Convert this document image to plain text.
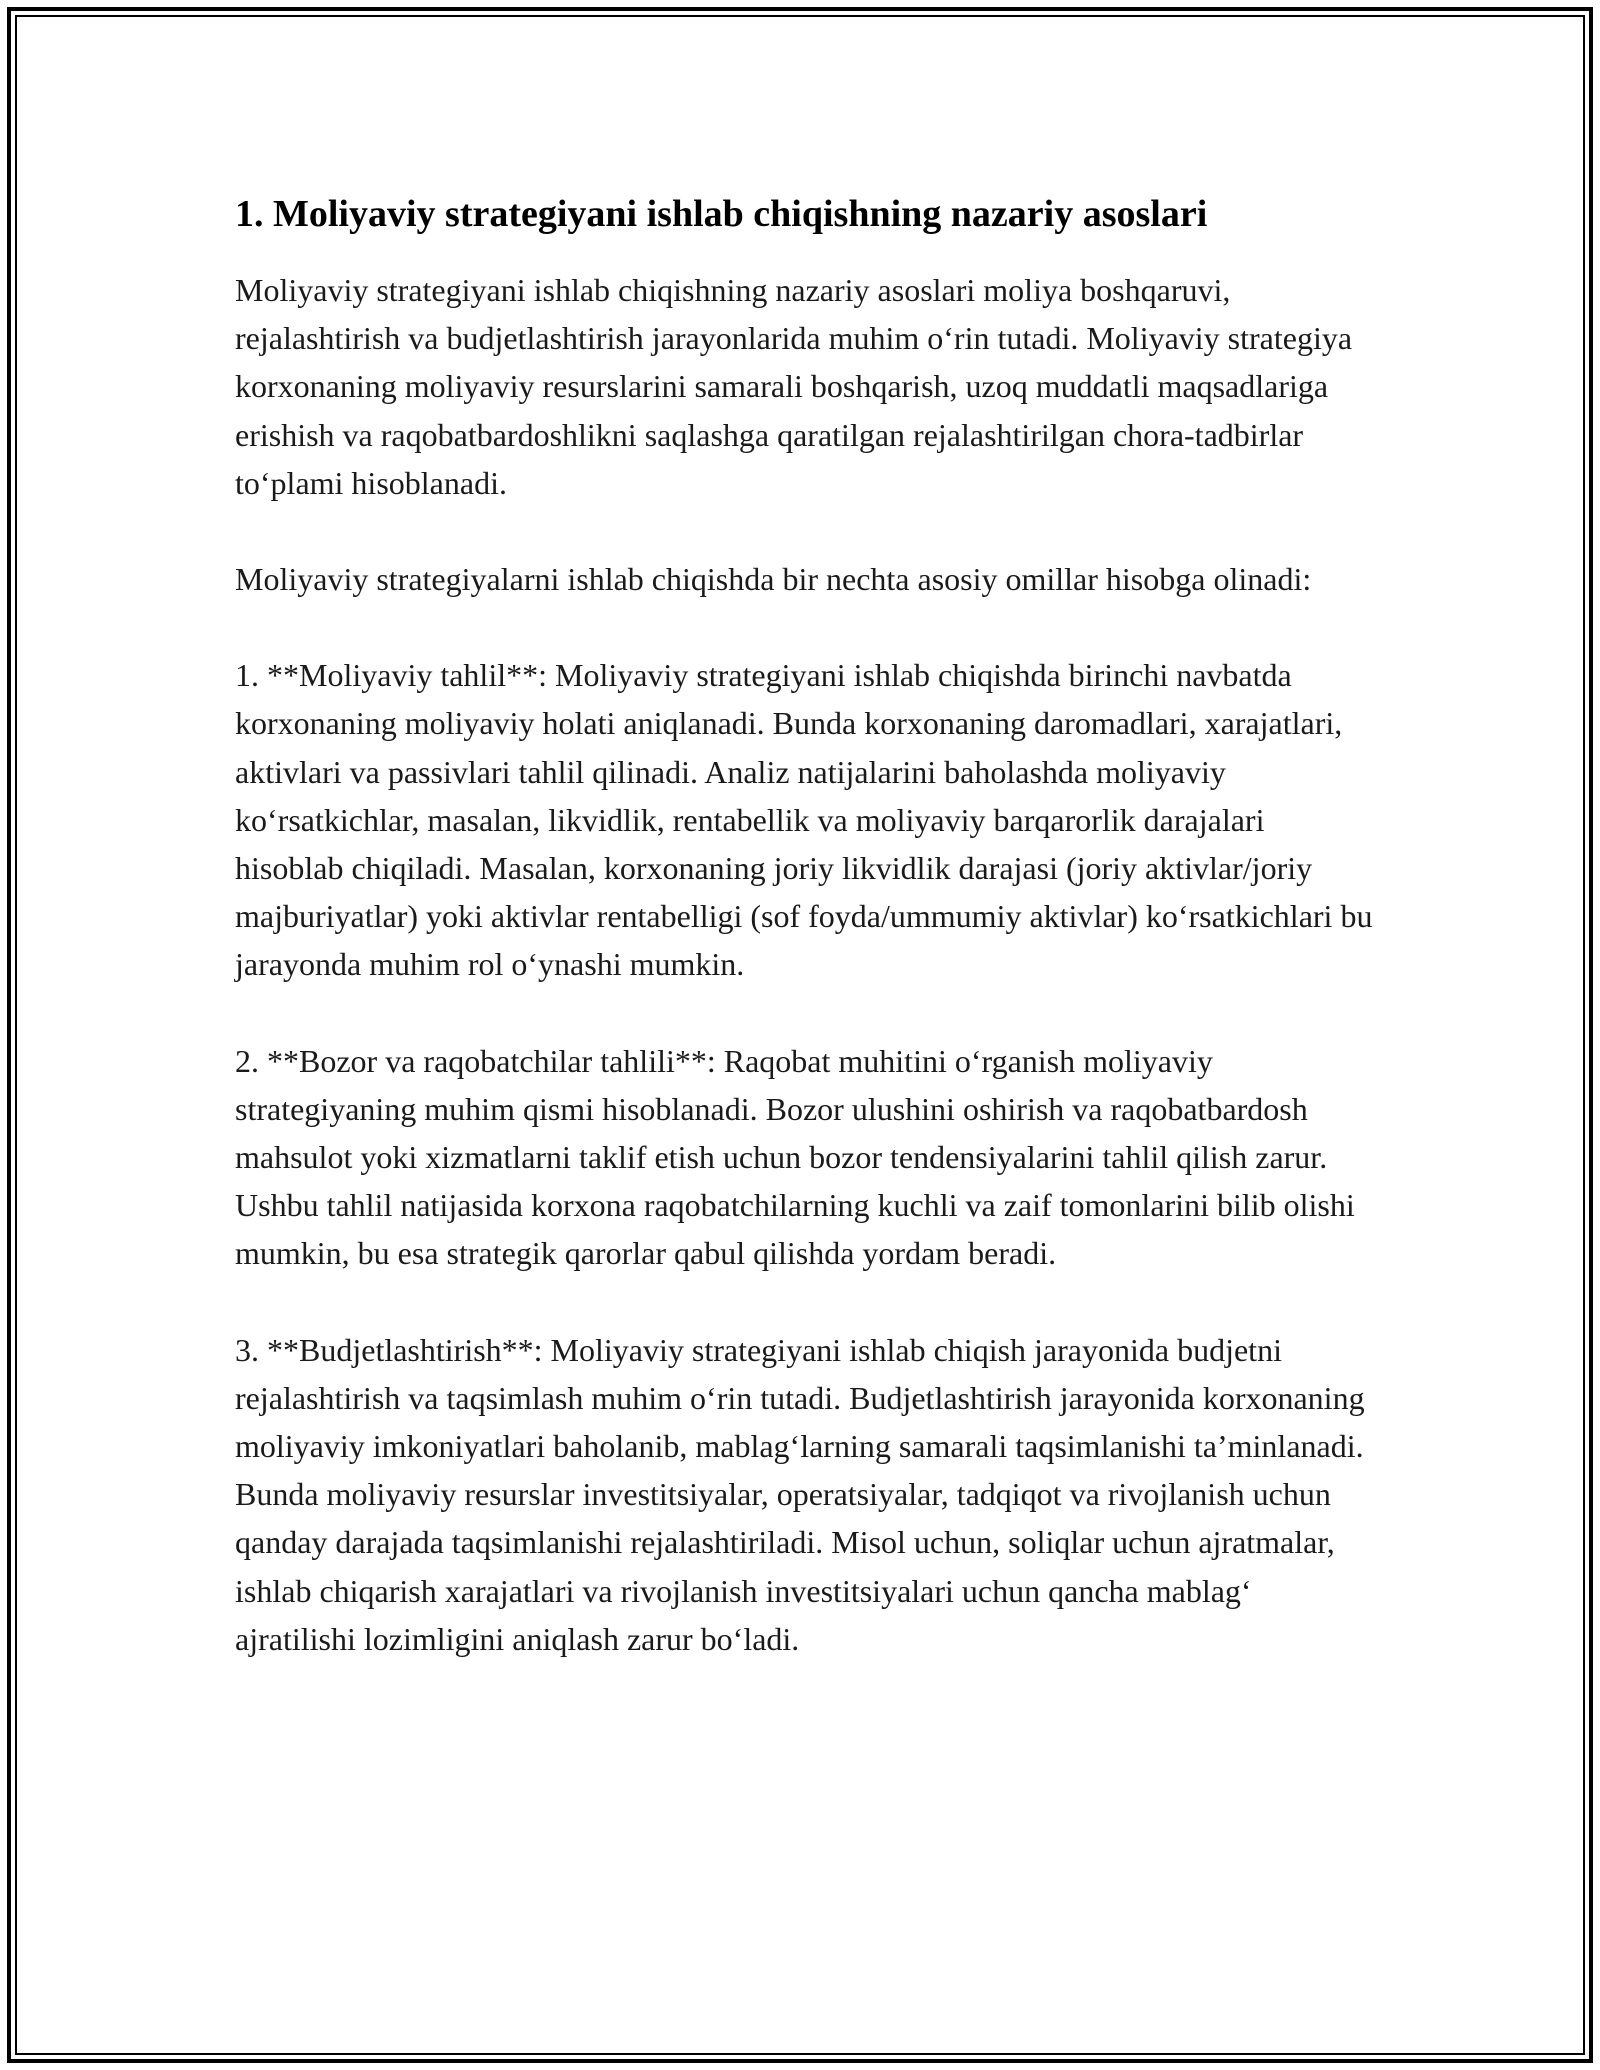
1. Moliyaviy strategiyani ishlab chiqishning nazariy asoslari

Moliyaviy strategiyani ishlab chiqishning nazariy asoslari moliya boshqaruvi, rejalashtirish va budjetlashtirish jarayonlarida muhim o‘rin tutadi. Moliyaviy strategiya korxonaning moliyaviy resurslarini samarali boshqarish, uzoq muddatli maqsadlariga erishish va raqobatbardoshlikni saqlashga qaratilgan rejalashtirilgan chora-tadbirlar to‘plami hisoblanadi.

Moliyaviy strategiyalarni ishlab chiqishda bir nechta asosiy omillar hisobga olinadi:

1. **Moliyaviy tahlil**: Moliyaviy strategiyani ishlab chiqishda birinchi navbatda korxonaning moliyaviy holati aniqlanadi. Bunda korxonaning daromadlari, xarajatlari, aktivlari va passivlari tahlil qilinadi. Analiz natijalarini baholashda moliyaviy ko‘rsatkichlar, masalan, likvidlik, rentabellik va moliyaviy barqarorlik darajalari hisoblab chiqiladi. Masalan, korxonaning joriy likvidlik darajasi (joriy aktivlar/joriy majburiyatlar) yoki aktivlar rentabelligi (sof foyda/ummumiy aktivlar) ko‘rsatkichlari bu jarayonda muhim rol o‘ynashi mumkin.

2. **Bozor va raqobatchilar tahlili**: Raqobat muhitini o‘rganish moliyaviy strategiyaning muhim qismi hisoblanadi. Bozor ulushini oshirish va raqobatbardosh mahsulot yoki xizmatlarni taklif etish uchun bozor tendensiyalarini tahlil qilish zarur. Ushbu tahlil natijasida korxona raqobatchilarning kuchli va zaif tomonlarini bilib olishi mumkin, bu esa strategik qarorlar qabul qilishda yordam beradi.

3. **Budjetlashtirish**: Moliyaviy strategiyani ishlab chiqish jarayonida budjetni rejalashtirish va taqsimlash muhim o‘rin tutadi. Budjetlashtirish jarayonida korxonaning moliyaviy imkoniyatlari baholanib, mablag‘larning samarali taqsimlanishi ta’minlanadi. Bunda moliyaviy resurslar investitsiyalar, operatsiyalar, tadqiqot va rivojlanish uchun qanday darajada taqsimlanishi rejalashtiriladi. Misol uchun, soliqlar uchun ajratmalar, ishlab chiqarish xarajatlari va rivojlanish investitsiyalari uchun qancha mablag‘ ajratilishi lozimligini aniqlash zarur bo‘ladi.
